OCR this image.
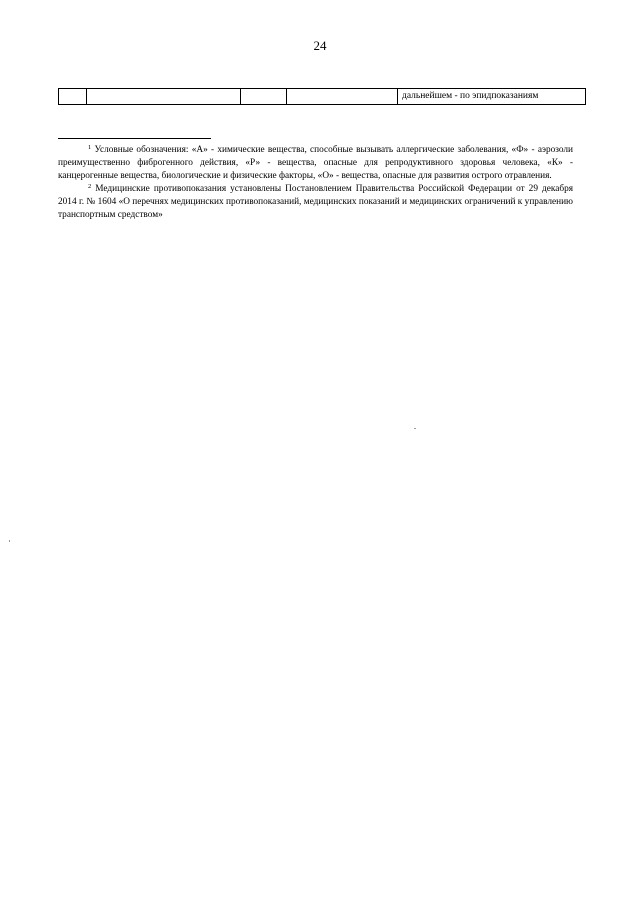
24
				дальнейшем - по эпидпоказаниям

$^1$ Условные обозначения: «А» - химические вещества, способные вызывать аллергические заболевания, «Ф» - аэрозоли преимущественно фиброгенного действия, «Р» - вещества, опасные для репродуктивного здоровья человека, «К» - канцерогенные вещества, биологические и физические факторы, «О» - вещества, опасные для развития острого отравления.

$^2$ Медицинские противопоказания установлены Постановлением Правительства Российской Федерации от 29 декабря 2014 г. № 1604 «О перечнях медицинских противопоказаний, медицинских показаний и медицинских ограничений к управлению транспортным средством»
